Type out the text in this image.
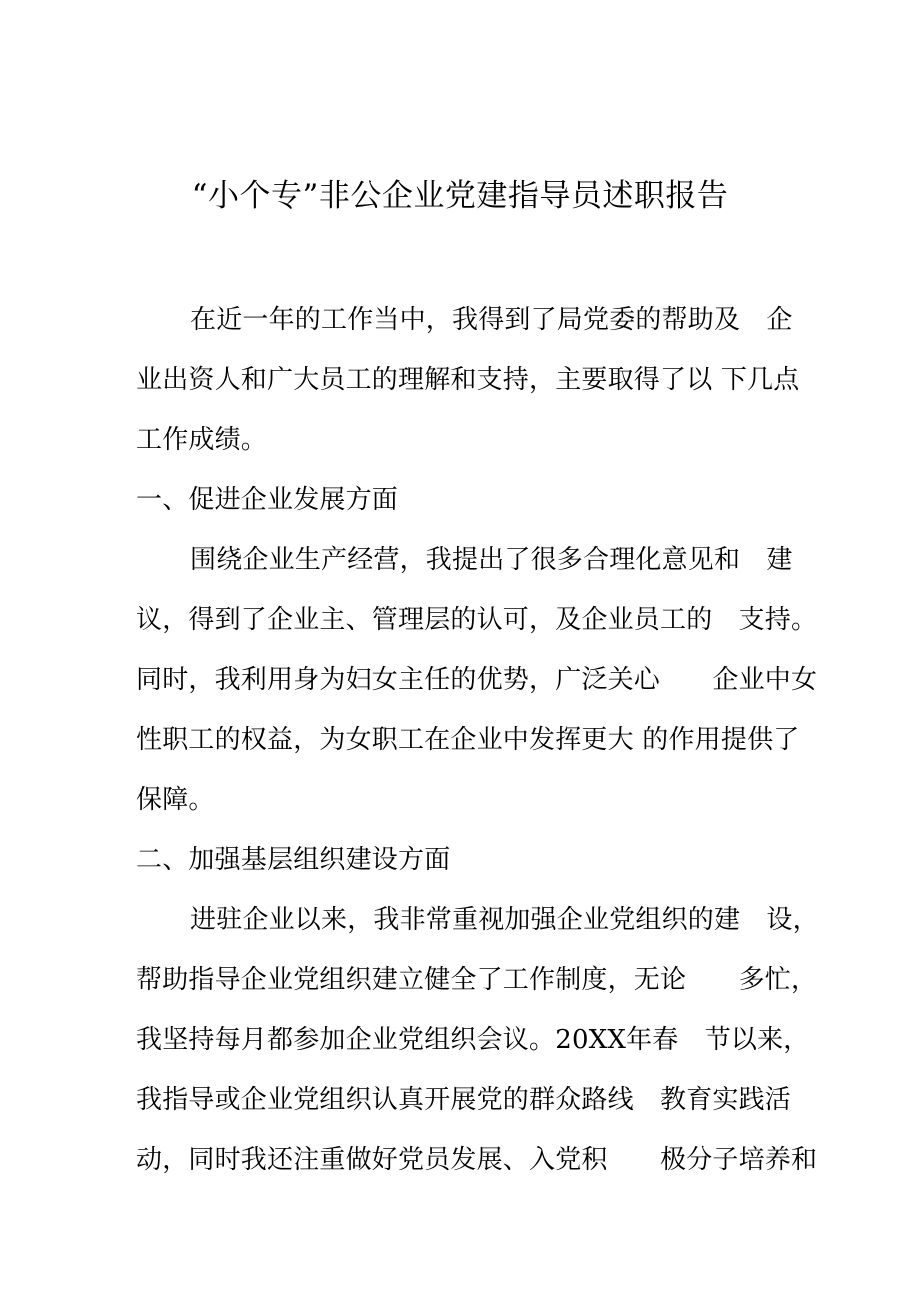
“小个专”非公企业党建指导员述职报告
在近一年的工作当中，我得到了局党委的帮助及　企
业出资人和广大员工的理解和支持，主要取得了以 下几点
工作成绩。
一、促进企业发展方面
围绕企业生产经营，我提出了很多合理化意见和　建
议，得到了企业主、管理层的认可，及企业员工的　支持。
同时，我利用身为妇女主任的优势，广泛关心　　企业中女
性职工的权益，为女职工在企业中发挥更大 的作用提供了
保障。
二、加强基层组织建设方面
进驻企业以来，我非常重视加强企业党组织的建　设，
帮助指导企业党组织建立健全了工作制度，无论　　多忙，
我坚持每月都参加企业党组织会议。20XX年春　节以来，
我指导或企业党组织认真开展党的群众路线　教育实践活
动，同时我还注重做好党员发展、入党积　　极分子培养和
